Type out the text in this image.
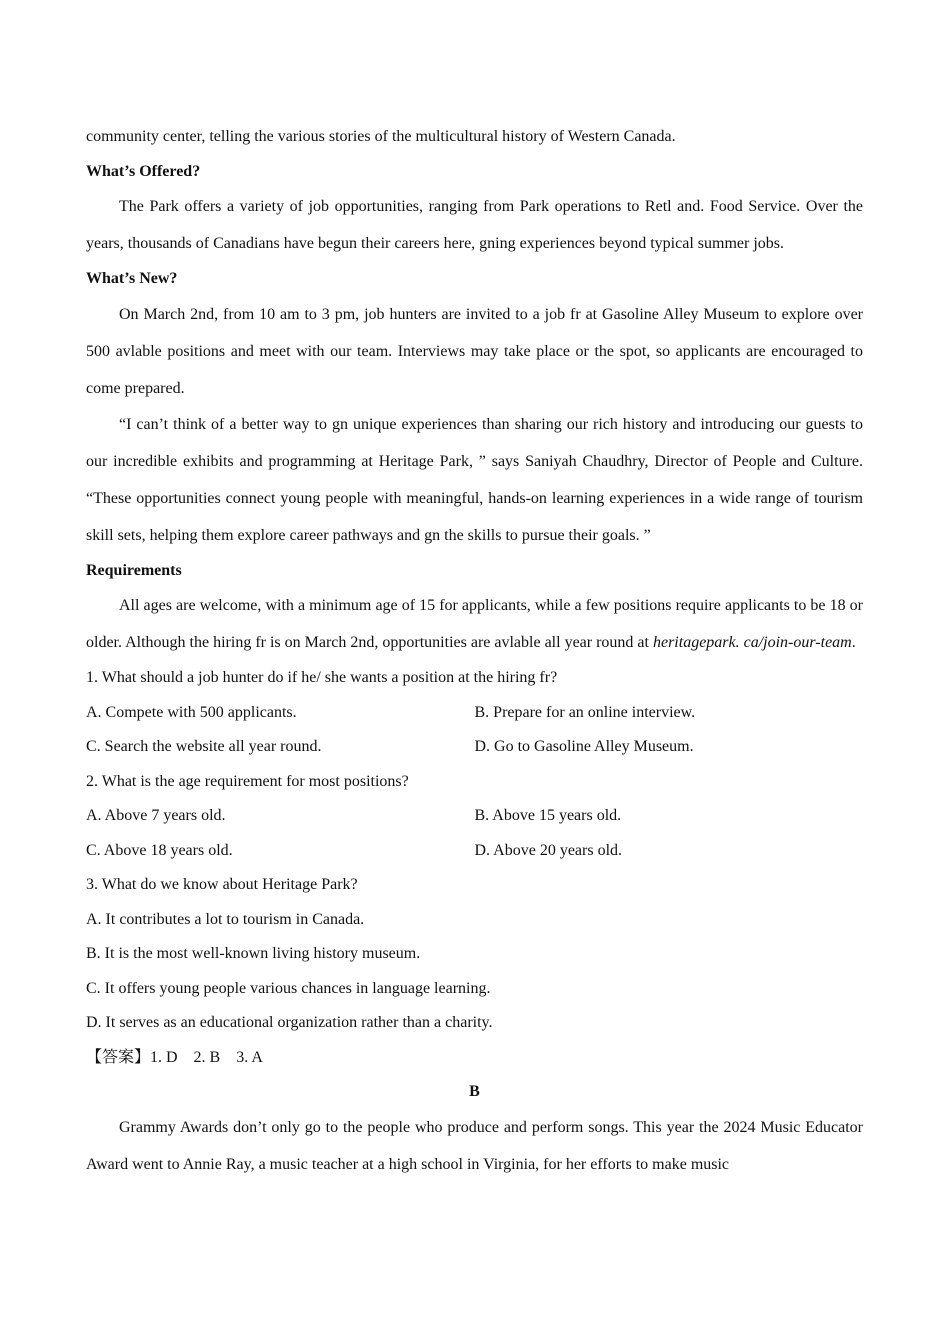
community center, telling the various stories of the multicultural history of Western Canada.
What’s Offered?
The Park offers a variety of job opportunities, ranging from Park operations to Retl and. Food Service. Over the years, thousands of Canadians have begun their careers here, gning experiences beyond typical summer jobs.
What’s New?
On March 2nd, from 10 am to 3 pm, job hunters are invited to a job fr at Gasoline Alley Museum to explore over 500 avlable positions and meet with our team. Interviews may take place or the spot, so applicants are encouraged to come prepared.
“I can’t think of a better way to gn unique experiences than sharing our rich history and introducing our guests to our incredible exhibits and programming at Heritage Park, ” says Saniyah Chaudhry, Director of People and Culture. “These opportunities connect young people with meaningful, hands-on learning experiences in a wide range of tourism skill sets, helping them explore career pathways and gn the skills to pursue their goals. ”
Requirements
All ages are welcome, with a minimum age of 15 for applicants, while a few positions require applicants to be 18 or older. Although the hiring fr is on March 2nd, opportunities are avlable all year round at heritagepark. ca/join-our-team.
1. What should a job hunter do if he/ she wants a position at the hiring fr?
A. Compete with 500 applicants.	B. Prepare for an online interview.
C. Search the website all year round.	D. Go to Gasoline Alley Museum.
2. What is the age requirement for most positions?
A. Above 7 years old.	B. Above 15 years old.
C. Above 18 years old.	D. Above 20 years old.
3. What do we know about Heritage Park?
A. It contributes a lot to tourism in Canada.
B. It is the most well-known living history museum.
C. It offers young people various chances in language learning.
D. It serves as an educational organization rather than a charity.
【答案】1. D    2. B    3. A
B
Grammy Awards don’t only go to the people who produce and perform songs. This year the 2024 Music Educator Award went to Annie Ray, a music teacher at a high school in Virginia, for her efforts to make music
